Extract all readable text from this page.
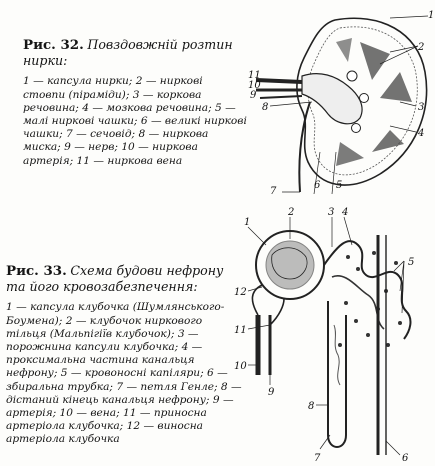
Рис. 32. Повздовжній розтин нирки:
1 — капсула нирки; 2 — ниркові стовпи (піраміди); 3 — коркова речовина; 4 — мозкова речовина; 5 — малі ниркові чашки; 6 — великі ниркові чашки; 7 — сечовід; 8 — ниркова миска; 9 — нерв; 10 — ниркова артерія; 11 — ниркова вена
1
2
3
4
5
6
7
8
9
10
11
Рис. 33. Схема будови нефрону та його кровозабезпечення:
1 — капсула клубочка (Шумлянського-Боумена); 2 — клубочок ниркового тільця (Мальпігіїв клубочок); 3 — порожнина капсули клубочка; 4 — проксимальна частина канальця нефрону; 5 — кровоносні капіляри; 6 — збиральна трубка; 7 — петля Генле; 8 — дістаний кінець канальця нефрону; 9 — артерія; 10 — вена; 11 — приносна артеріола клубочка; 12 — виносна артеріола клубочка
1
2	3 4
5
6
7
8
9
10
11
12
